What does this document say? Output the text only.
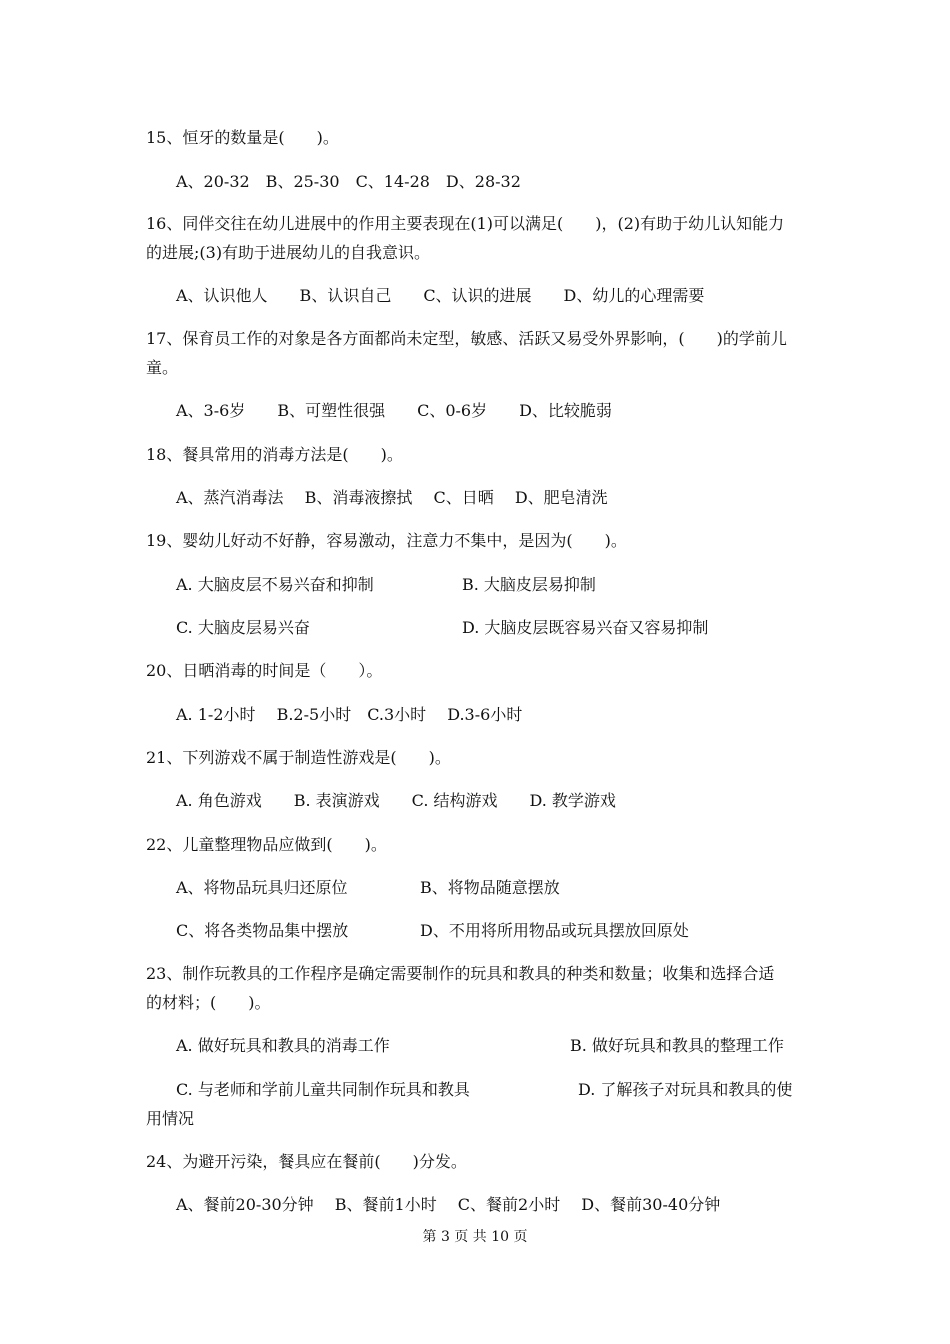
15、恒牙的数量是(　　)。
A、20-32　B、25-30　C、14-28　D、28-32
16、同伴交往在幼儿进展中的作用主要表现在(1)可以满足(　　)，(2)有助于幼儿认知能力
的进展;(3)有助于进展幼儿的自我意识。
A、认识他人　　B、认识自己　　C、认识的进展　　D、幼儿的心理需要
17、保育员工作的对象是各方面都尚未定型，敏感、活跃又易受外界影响，(　　)的学前儿
童。
A、3-6岁　　B、可塑性很强　　C、0-6岁　　D、比较脆弱
18、餐具常用的消毒方法是(　　)。
A、蒸汽消毒法　 B、消毒液擦拭　 C、日晒　 D、肥皂清洗
19、婴幼儿好动不好静，容易激动，注意力不集中，是因为(　　)。
A. 大脑皮层不易兴奋和抑制	B. 大脑皮层易抑制
C. 大脑皮层易兴奋	D. 大脑皮层既容易兴奋又容易抑制
20、日晒消毒的时间是（　　）。
A. 1-2小时　 B.2-5小时　C.3小时　 D.3-6小时
21、下列游戏不属于制造性游戏是(　　)。
A. 角色游戏　　B. 表演游戏　　C. 结构游戏　　D. 教学游戏
22、儿童整理物品应做到(　　)。
A、将物品玩具归还原位	B、将物品随意摆放
C、将各类物品集中摆放	D、不用将所用物品或玩具摆放回原处
23、制作玩教具的工作程序是确定需要制作的玩具和教具的种类和数量；收集和选择合适
的材料；(　　)。
A. 做好玩具和教具的消毒工作	B. 做好玩具和教具的整理工作
C. 与老师和学前儿童共同制作玩具和教具	D. 了解孩子对玩具和教具的使
用情况
24、为避开污染，餐具应在餐前(　　)分发。
A、餐前20-30分钟　 B、餐前1小时　 C、餐前2小时　 D、餐前30-40分钟
第 3 页 共 10 页
